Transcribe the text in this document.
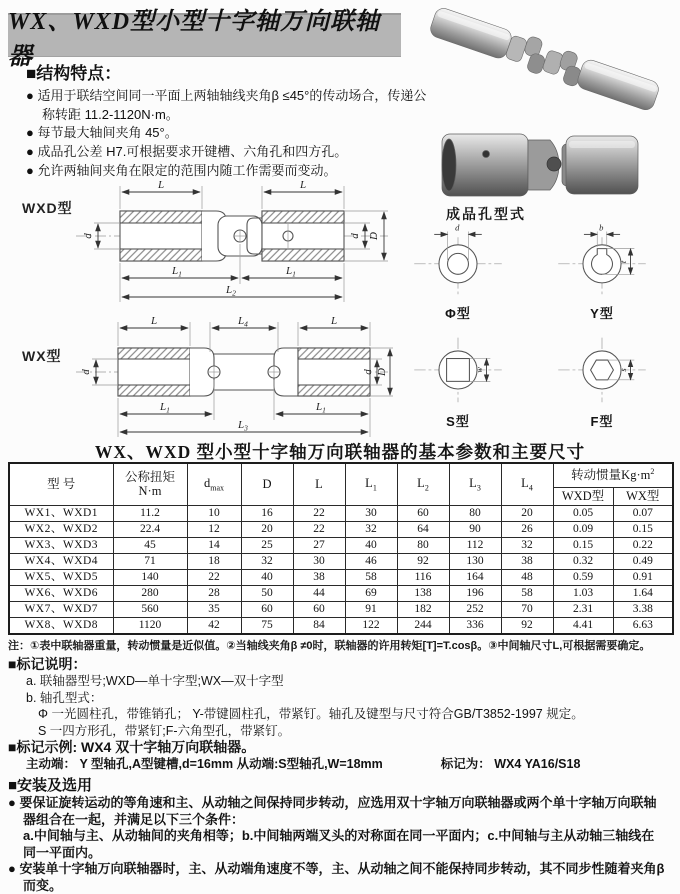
WX、WXD型小型十字轴万向联轴器
■结构特点：
● 适用于联结空间同一平面上两轴轴线夹角β ≤45°的传动场合，传递公称转距 11.2-1120N·m。
● 每节最大轴间夹角 45°。
● 成品孔公差 H7.可根据要求开键槽、六角孔和四方孔。
● 允许两轴间夹角在限定的范围内随工作需要而变动。
WXD型
L	L
d	d D
$L_1$	$L_1$
$L_2$
成品孔型式
d
Φ型
b
t
Y型
w
S型
s
F型
WX型
L	$L_4$	L
d	d D
$L_1$	$L_1$
$L_3$
WX、WXD 型小型十字轴万向联轴器的基本参数和主要尺寸
型 号	公称扭矩
N·m	$d_{max}$	D	L	$L_1$	$L_2$	$L_3$	$L_4$	转动惯量$Kg\cdot m^2$
									WXD型	WX型
WX1、WXD1	11.2	10	16	22	30	60	80	20	0.05	0.07
WX2、WXD2	22.4	12	20	22	32	64	90	26	0.09	0.15
WX3、WXD3	45	14	25	27	40	80	112	32	0.15	0.22
WX4、WXD4	71	18	32	30	46	92	130	38	0.32	0.49
WX5、WXD5	140	22	40	38	58	116	164	48	0.59	0.91
WX6、WXD6	280	28	50	44	69	138	196	58	1.03	1.64
WX7、WXD7	560	35	60	60	91	182	252	70	2.31	3.38
WX8、WXD8	1120	42	75	84	122	244	336	92	4.41	6.63
注：①表中联轴器重量，转动惯量是近似值。②当轴线夹角β ≠0时，联轴器的许用转矩[T]=T.cosβ。③中间轴尺寸L,可根据需要确定。
■标记说明：
a. 联轴器型号;WXD—单十字型;WX—双十字型
b. 轴孔型式：
Φ 一光圆柱孔，带锥销孔； Y-带键圆柱孔，带紧钉。轴孔及键型与尺寸符合GB/T3852-1997 规定。
S 一四方形孔，带紧钉;F-六角型孔，带紧钉。
■标记示例: WX4 双十字轴万向联轴器。
主动端： Y 型轴孔,A型键槽,d=16mm 从动端:S型轴孔,W=18mm	标记为： WX4 YA16/S18
■安装及选用
● 要保证旋转运动的等角速和主、从动轴之间保持同步转动，应选用双十字轴万向联轴器或两个单十字轴万向联轴器组合在一起，并满足以下三个条件：
a.中间轴与主、从动轴间的夹角相等；b.中间轴两端叉头的对称面在同一平面内；c.中间轴与主从动轴三轴线在同一平面内。
● 安装单十字轴万向联轴器时，主、从动端角速度不等，主、从动轴之间不能保持同步转动，其不同步性随着夹角β而变。
